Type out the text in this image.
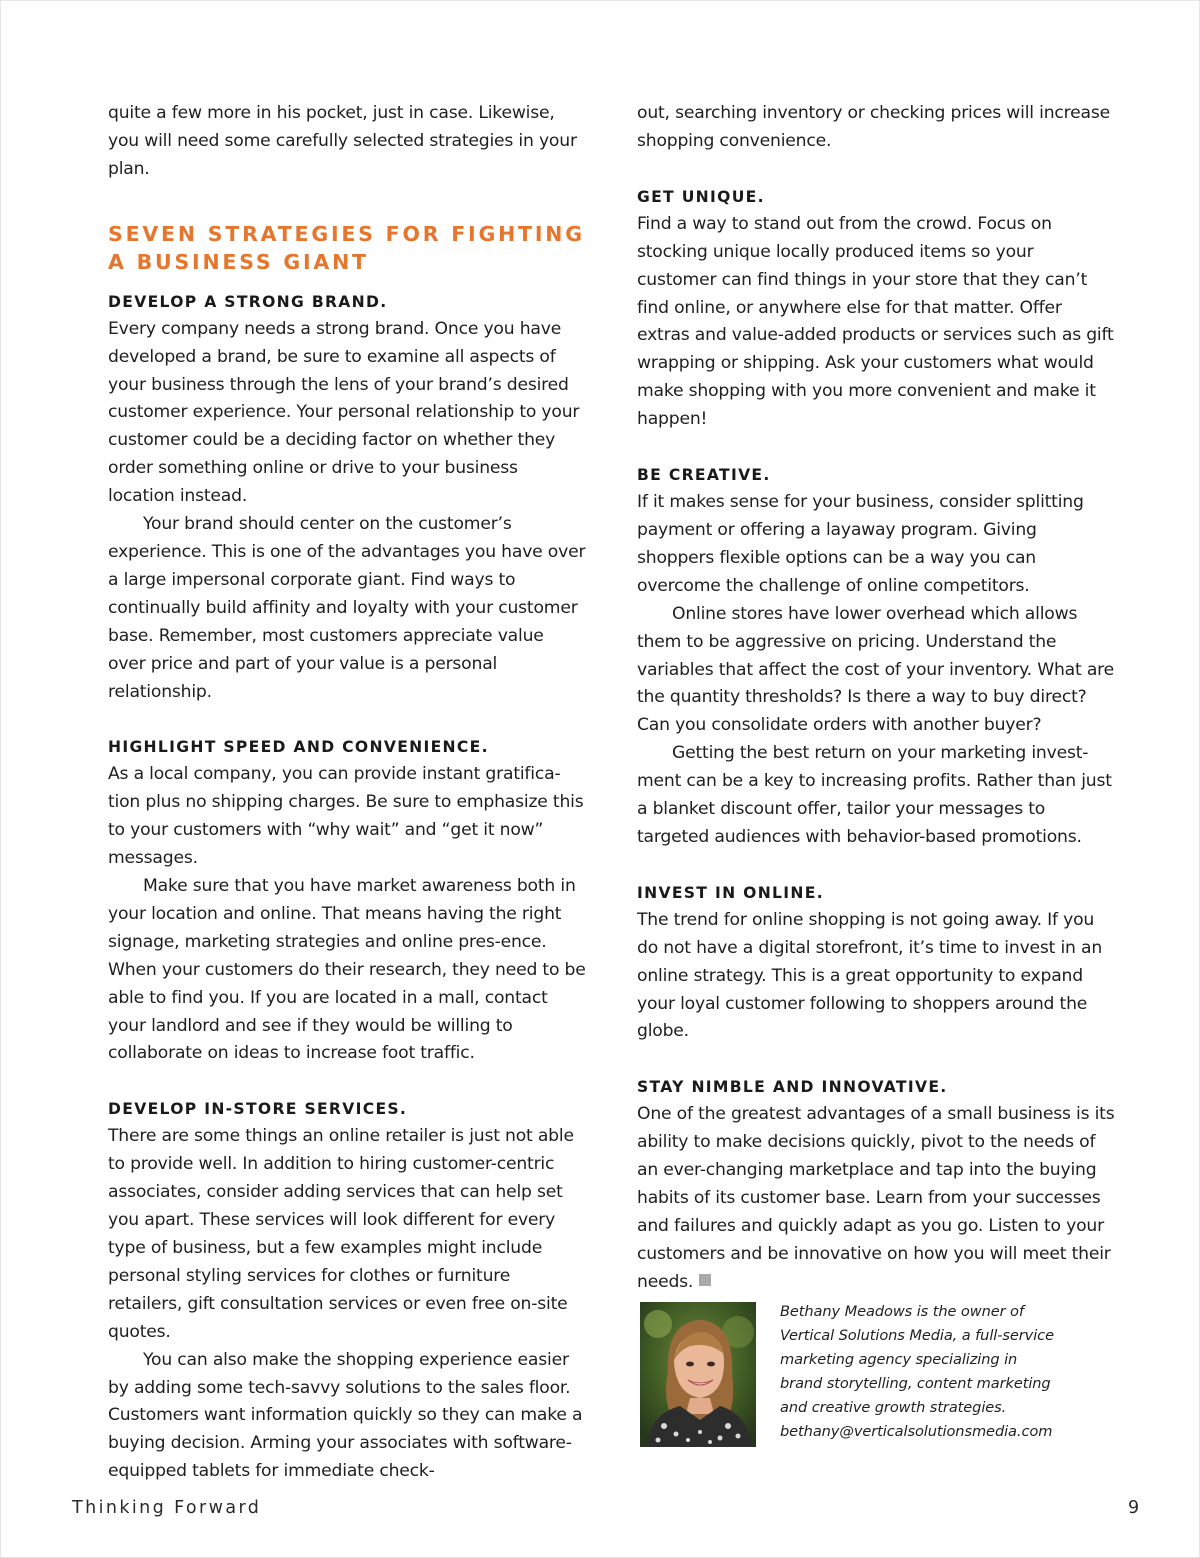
quite a few more in his pocket, just in case. Likewise, you will need some carefully selected strategies in your plan.

SEVEN STRATEGIES FOR FIGHTING A BUSINESS GIANT
DEVELOP A STRONG BRAND.

Every company needs a strong brand. Once you have developed a brand, be sure to examine all aspects of your business through the lens of your brand’s desired customer experience. Your personal relationship to your customer could be a deciding factor on whether they order something online or drive to your business location instead.

Your brand should center on the customer’s experience. This is one of the advantages you have over a large impersonal corporate giant. Find ways to continually build affinity and loyalty with your customer base. Remember, most customers appreciate value over price and part of your value is a personal relationship.

HIGHLIGHT SPEED AND CONVENIENCE.

As a local company, you can provide instant gratifica-tion plus no shipping charges. Be sure to emphasize this to your customers with “why wait” and “get it now” messages.

Make sure that you have market awareness both in your location and online. That means having the right signage, marketing strategies and online pres-ence. When your customers do their research, they need to be able to find you. If you are located in a mall, contact your landlord and see if they would be willing to collaborate on ideas to increase foot traffic.

DEVELOP IN-STORE SERVICES.

There are some things an online retailer is just not able to provide well. In addition to hiring customer-centric associates, consider adding services that can help set you apart. These services will look different for every type of business, but a few examples might include personal styling services for clothes or furniture retailers, gift consultation services or even free on-site quotes.

You can also make the shopping experience easier by adding some tech-savvy solutions to the sales floor. Customers want information quickly so they can make a buying decision. Arming your associates with software-equipped tablets for immediate check-

out, searching inventory or checking prices will increase shopping convenience.

GET UNIQUE.

Find a way to stand out from the crowd. Focus on stocking unique locally produced items so your customer can find things in your store that they can’t find online, or anywhere else for that matter. Offer extras and value-added products or services such as gift wrapping or shipping. Ask your customers what would make shopping with you more convenient and make it happen!

BE CREATIVE.

If it makes sense for your business, consider splitting payment or offering a layaway program. Giving shoppers flexible options can be a way you can overcome the challenge of online competitors.

Online stores have lower overhead which allows them to be aggressive on pricing. Understand the variables that affect the cost of your inventory. What are the quantity thresholds? Is there a way to buy direct? Can you consolidate orders with another buyer?

Getting the best return on your marketing invest-ment can be a key to increasing profits. Rather than just a blanket discount offer, tailor your messages to targeted audiences with behavior-based promotions.

INVEST IN ONLINE.

The trend for online shopping is not going away. If you do not have a digital storefront, it’s time to invest in an online strategy. This is a great opportunity to expand your loyal customer following to shoppers around the globe.

STAY NIMBLE AND INNOVATIVE.

One of the greatest advantages of a small business is its ability to make decisions quickly, pivot to the needs of an ever-changing marketplace and tap into the buying habits of its customer base. Learn from your successes and failures and quickly adapt as you go. Listen to your customers and be innovative on how you will meet their needs.

Bethany Meadows is the owner of
Vertical Solutions Media, a full-service
marketing agency specializing in
brand storytelling, content marketing
and creative growth strategies.
bethany@verticalsolutionsmedia.com
Thinking Forward	9
